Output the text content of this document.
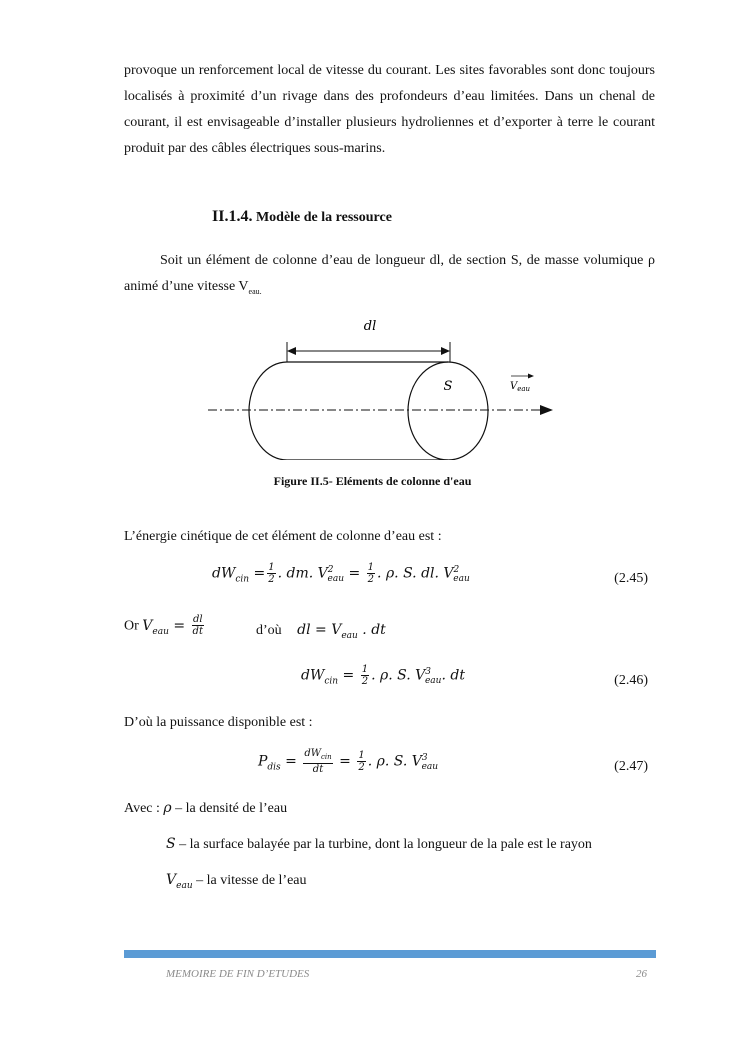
provoque un renforcement local de vitesse du courant. Les sites favorables sont donc toujours localisés à proximité d’un rivage dans des profondeurs d’eau limitées. Dans un chenal de courant, il est envisageable d’installer plusieurs hydroliennes et d’exporter à terre le courant produit par des câbles électriques sous-marins.
II.1.4. Modèle de la ressource
Soit un élément de colonne d’eau de longueur dl, de section S, de masse volumique ρ animé d’une vitesse $V_{eau.}$
dl
S	$V_{eau}$
Figure II.5- Eléments de colonne d'eau
L’énergie cinétique de cet élément de colonne d’eau est :
$dW_{cin} = \frac{1}{2}$ . dm. $V^2_{eau} = \frac{1}{2}$ . ρ. S. dl. $V^2_{eau}$	(2.45)
Or $V_{eau} = \frac{dl}{dt}$	d’où dl = $V_{eau}$ . dt
$dW_{cin} = \frac{1}{2}$ . ρ. S. $V^3_{eau}$. dt	(2.46)
D’où la puissance disponible est :
$P_{dis} = \frac{dW_{cin}}{dt} = \frac{1}{2}$ . ρ. S. $V^3_{eau}$	(2.47)
Avec : ρ – la densité de l’eau
S – la surface balayée par la turbine, dont la longueur de la pale est le rayon
$V_{eau}$ – la vitesse de l’eau
MEMOIRE DE FIN D’ETUDES	26
